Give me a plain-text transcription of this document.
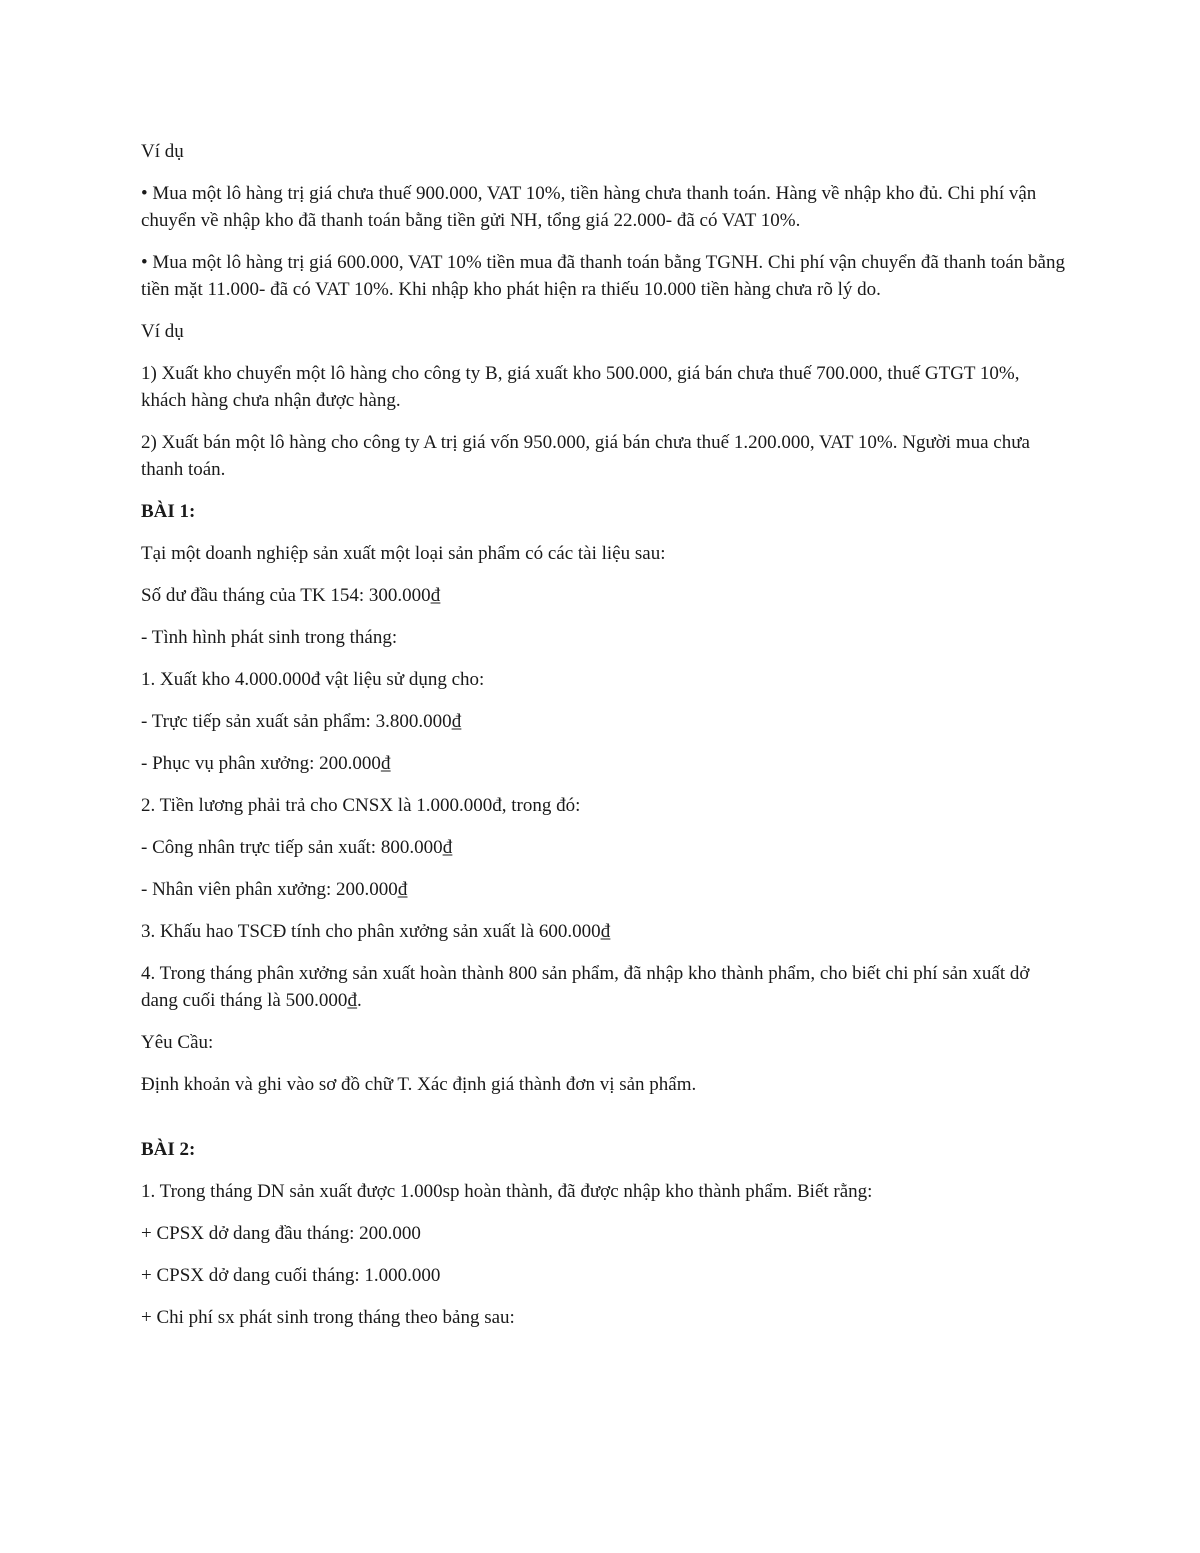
Ví dụ

• Mua một lô hàng trị giá chưa thuế 900.000, VAT 10%, tiền hàng chưa thanh toán. Hàng về nhập kho đủ. Chi phí vận chuyển về nhập kho đã thanh toán bằng tiền gửi NH, tổng giá 22.000- đã có VAT 10%.

• Mua một lô hàng trị giá 600.000, VAT 10% tiền mua đã thanh toán bằng TGNH. Chi phí vận chuyển đã thanh toán bằng tiền mặt 11.000- đã có VAT 10%. Khi nhập kho phát hiện ra thiếu 10.000 tiền hàng chưa rõ lý do.

Ví dụ

1) Xuất kho chuyển một lô hàng cho công ty B, giá xuất kho 500.000, giá bán chưa thuế 700.000, thuế GTGT 10%, khách hàng chưa nhận được hàng.

2) Xuất bán một lô hàng cho công ty A trị giá vốn 950.000, giá bán chưa thuế 1.200.000, VAT 10%. Người mua chưa thanh toán.

BÀI 1:

Tại một doanh nghiệp sản xuất một loại sản phẩm có các tài liệu sau:

Số dư đầu tháng của TK 154: 300.000₫

- Tình hình phát sinh trong tháng:

1. Xuất kho 4.000.000đ vật liệu sử dụng cho:

- Trực tiếp sản xuất sản phẩm: 3.800.000₫

- Phục vụ phân xưởng: 200.000₫

2. Tiền lương phải trả cho CNSX là 1.000.000đ, trong đó:

- Công nhân trực tiếp sản xuất: 800.000₫

- Nhân viên phân xưởng: 200.000₫

3. Khấu hao TSCĐ tính cho phân xưởng sản xuất là 600.000₫

4. Trong tháng phân xưởng sản xuất hoàn thành 800 sản phẩm, đã nhập kho thành phẩm, cho biết chi phí sản xuất dở dang cuối tháng là 500.000₫.

Yêu Cầu:

Định khoản và ghi vào sơ đồ chữ T. Xác định giá thành đơn vị sản phẩm.

BÀI 2:

1. Trong tháng DN sản xuất được 1.000sp hoàn thành, đã được nhập kho thành phẩm. Biết rằng:

+ CPSX dở dang đầu tháng: 200.000

+ CPSX dở dang cuối tháng: 1.000.000

+ Chi phí sx phát sinh trong tháng theo bảng sau:
